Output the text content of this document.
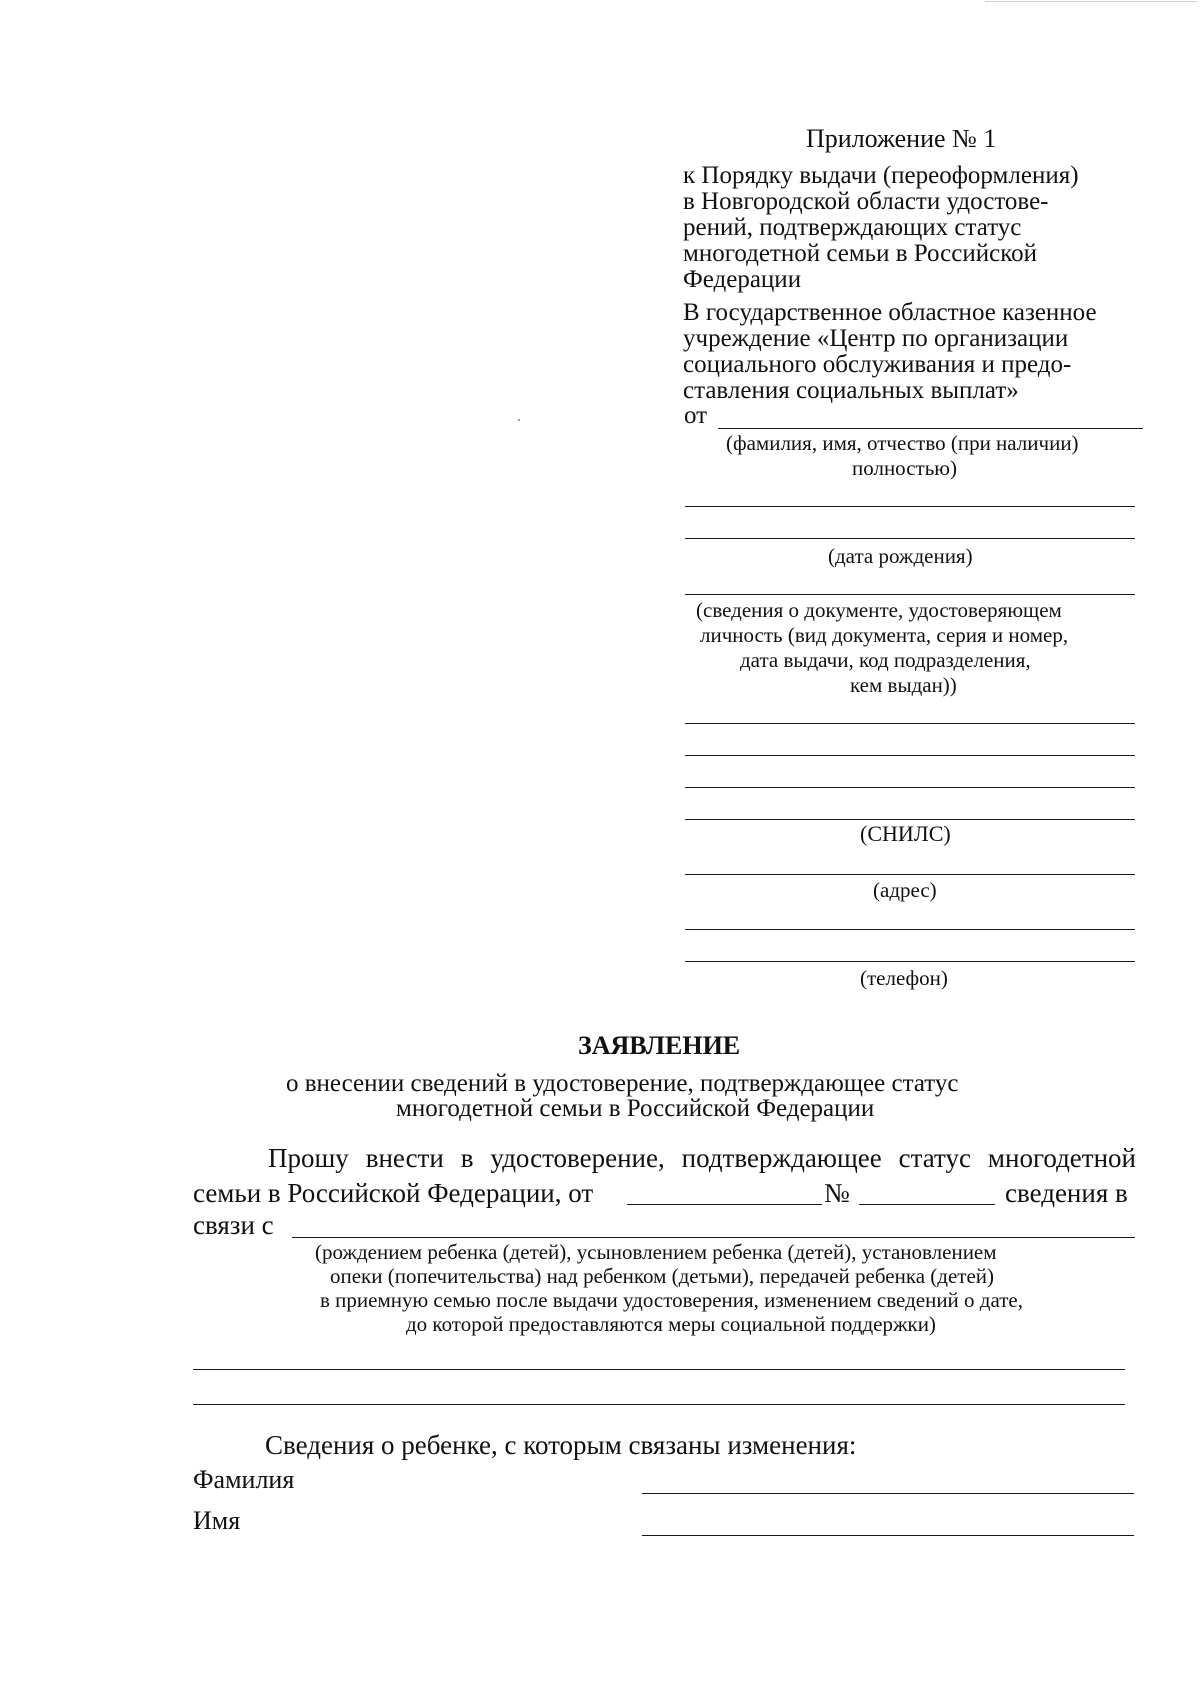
Приложение № 1
к Порядку выдачи (переоформления)
в Новгородской области удостове-
рений, подтверждающих статус
многодетной семьи в Российской
Федерации
В государственное областное казенное
учреждение «Центр по организации
социального обслуживания и предо-
ставления социальных выплат»
от
(фамилия, имя, отчество (при наличии)
полностью)
(дата рождения)
(сведения о документе, удостоверяющем
личность (вид документа, серия и номер,
дата выдачи, код подразделения,
кем выдан))
(СНИЛС)
(адрес)
(телефон)
ЗАЯВЛЕНИЕ
о внесении сведений в удостоверение, подтверждающее статус
многодетной семьи в Российской Федерации
Прошу внести в удостоверение, подтверждающее статус многодетной
семьи в Российской Федерации, от	№	сведения в
связи с
(рождением ребенка (детей), усыновлением ребенка (детей), установлением
опеки (попечительства) над ребенком (детьми), передачей ребенка (детей)
в приемную семью после выдачи удостоверения, изменением сведений о дате,
до которой предоставляются меры социальной поддержки)
Сведения о ребенке, с которым связаны изменения:
Фамилия
Имя
